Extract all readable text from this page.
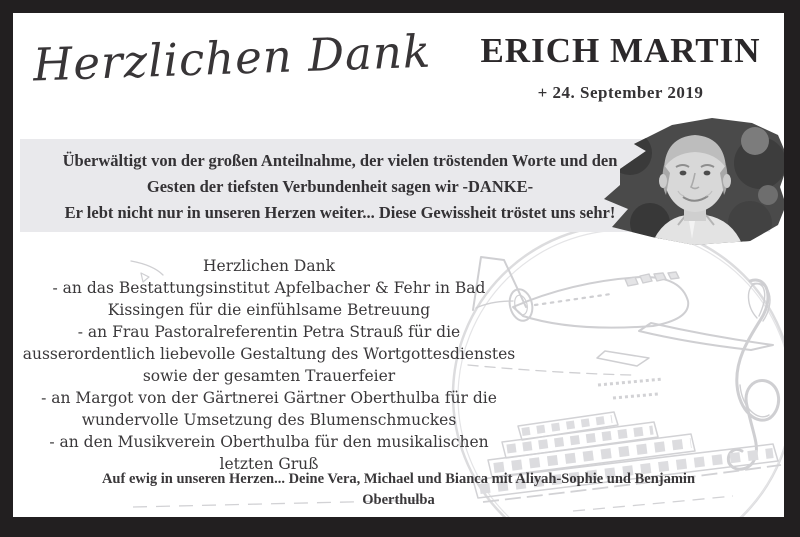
Herzlichen Dank	ERICH MARTIN
+ 24. September 2019
Überwältigt von der großen Anteilnahme, der vielen tröstenden Worte und den
Gesten der tiefsten Verbundenheit sagen wir -DANKE-
Er lebt nicht nur in unseren Herzen weiter... Diese Gewissheit tröstet uns sehr!
Herzlichen Dank
- an das Bestattungsinstitut Apfelbacher & Fehr in Bad
Kissingen für die einfühlsame Betreuung
- an Frau Pastoralreferentin Petra Strauß für die
ausserordentlich liebevolle Gestaltung des Wortgottesdienstes
sowie der gesamten Trauerfeier
- an Margot von der Gärtnerei Gärtner Oberthulba für die
wundervolle Umsetzung des Blumenschmuckes
- an den Musikverein Oberthulba für den musikalischen
letzten Gruß
Auf ewig in unseren Herzen... Deine Vera, Michael und Bianca mit Aliyah-Sophie und Benjamin
Oberthulba
